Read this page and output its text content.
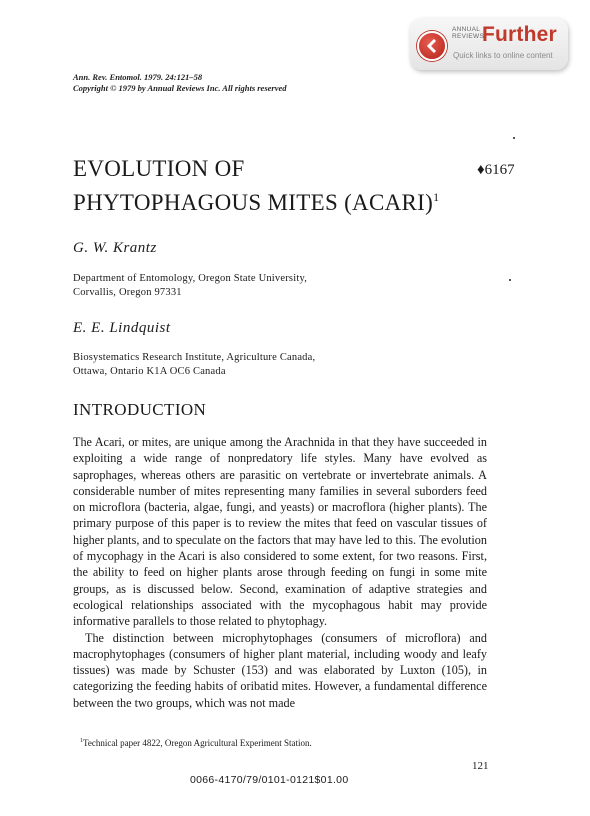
ANNUAL
REVIEWS
Further
Quick links to online content
Ann. Rev. Entomol. 1979. 24:121–58
Copyright © 1979 by Annual Reviews Inc. All rights reserved
EVOLUTION OF
PHYTOPHAGOUS MITES (ACARI)$^1$
♦6167
G. W. Krantz
Department of Entomology, Oregon State University,
Corvallis, Oregon 97331
E. E. Lindquist
Biosystematics Research Institute, Agriculture Canada,
Ottawa, Ontario K1A OC6 Canada
INTRODUCTION

The Acari, or mites, are unique among the Arachnida in that they have succeeded in exploiting a wide range of nonpredatory life styles. Many have evolved as saprophages, whereas others are parasitic on vertebrate or invertebrate animals. A considerable number of mites representing many families in several suborders feed on microflora (bacteria, algae, fungi, and yeasts) or macroflora (higher plants). The primary purpose of this paper is to review the mites that feed on vascular tissues of higher plants, and to speculate on the factors that may have led to this. The evolution of mycophagy in the Acari is also considered to some extent, for two reasons. First, the ability to feed on higher plants arose through feeding on fungi in some mite groups, as is discussed below. Second, examination of adaptive strategies and ecological relationships associated with the mycophagous habit may provide informative parallels to those related to phytophagy.

The distinction between microphytophages (consumers of microflora) and macrophytophages (consumers of higher plant material, including woody and leafy tissues) was made by Schuster (153) and was elaborated by Luxton (105), in categorizing the feeding habits of oribatid mites. However, a fundamental difference between the two groups, which was not made

$^1$Technical paper 4822, Oregon Agricultural Experiment Station.
121
0066-4170/79/0101-0121$01.00
